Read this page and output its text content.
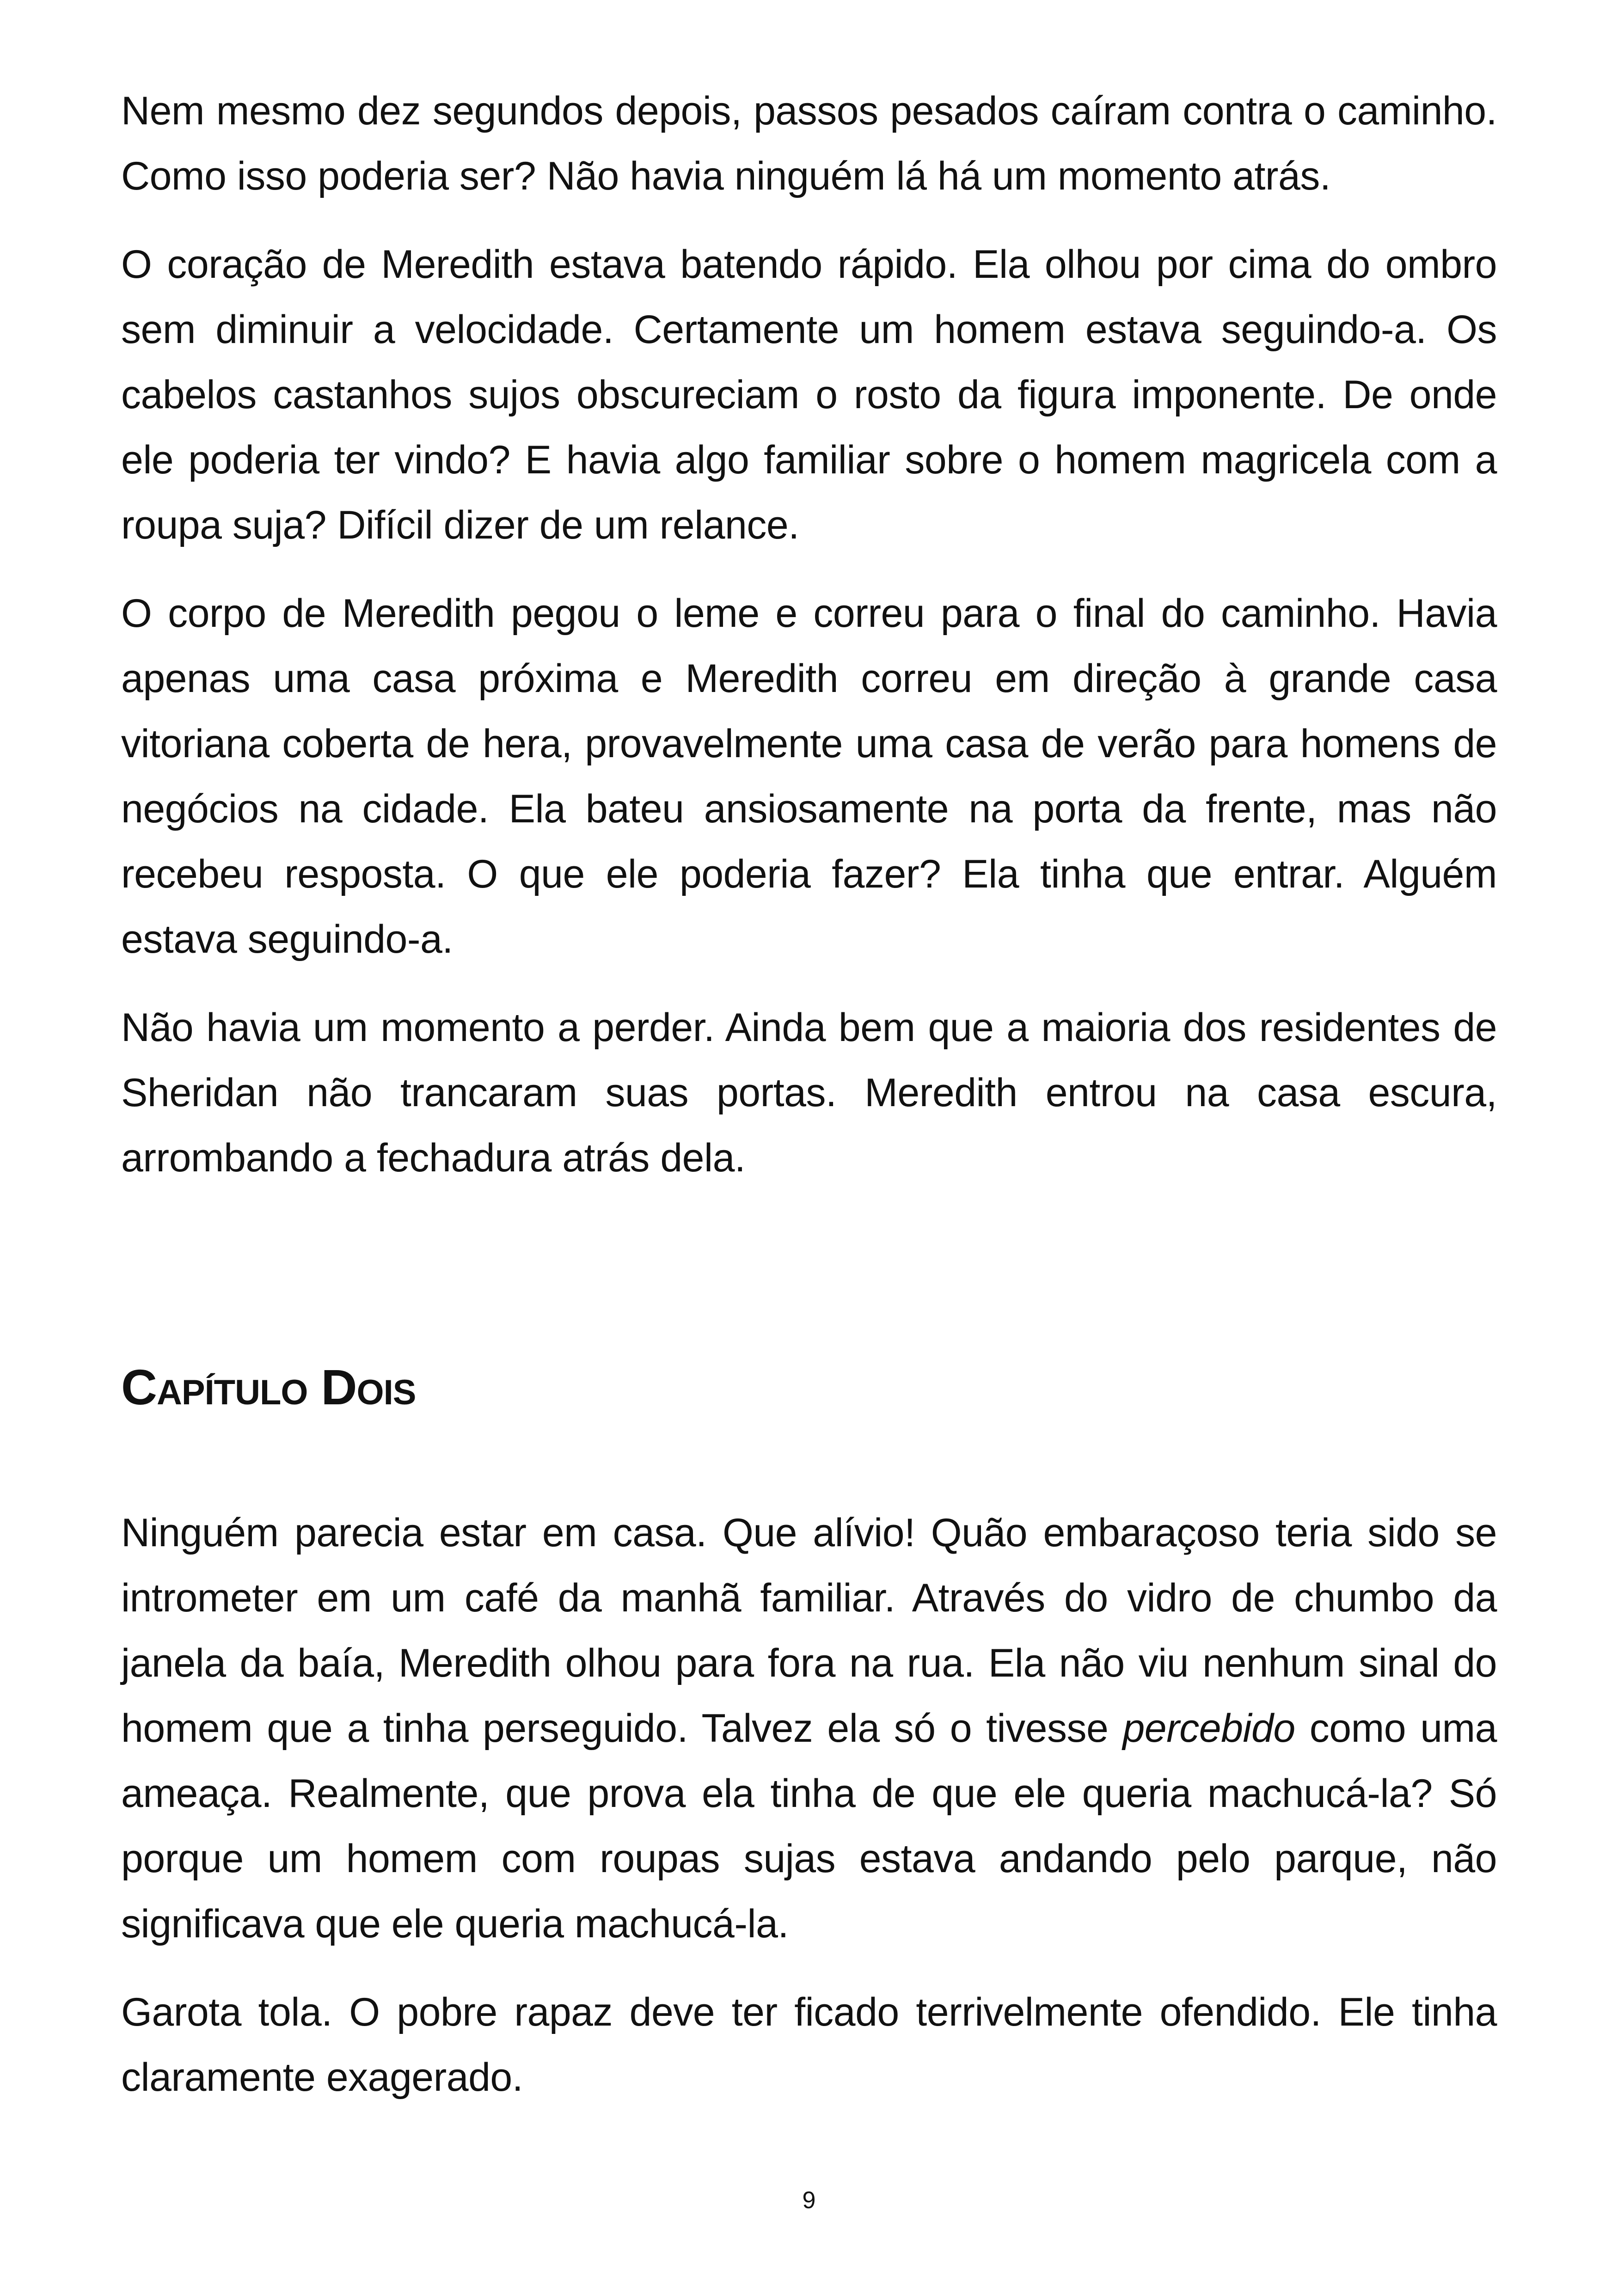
Nem mesmo dez segundos depois, passos pesados caíram contra o caminho. Como isso poderia ser? Não havia ninguém lá há um momento atrás.

O coração de Meredith estava batendo rápido. Ela olhou por cima do ombro sem diminuir a velocidade. Certamente um homem estava seguindo-a. Os cabelos castanhos sujos obscureciam o rosto da figura imponente. De onde ele poderia ter vindo? E havia algo familiar sobre o homem magricela com a roupa suja? Difícil dizer de um relance.

O corpo de Meredith pegou o leme e correu para o final do caminho. Havia apenas uma casa próxima e Meredith correu em direção à grande casa vitoriana coberta de hera, provavelmente uma casa de verão para homens de negócios na cidade. Ela bateu ansiosamente na porta da frente, mas não recebeu resposta. O que ele poderia fazer? Ela tinha que entrar. Alguém estava seguindo-a.

Não havia um momento a perder. Ainda bem que a maioria dos residentes de Sheridan não trancaram suas portas. Meredith entrou na casa escura, arrombando a fechadura atrás dela.

Capítulo Dois

Ninguém parecia estar em casa. Que alívio! Quão embaraçoso teria sido se intrometer em um café da manhã familiar. Através do vidro de chumbo da janela da baía, Meredith olhou para fora na rua. Ela não viu nenhum sinal do homem que a tinha perseguido. Talvez ela só o tivesse percebido como uma ameaça. Realmente, que prova ela tinha de que ele queria machucá-la? Só porque um homem com roupas sujas estava andando pelo parque, não significava que ele queria machucá-la.

Garota tola. O pobre rapaz deve ter ficado terrivelmente ofendido. Ele tinha claramente exagerado.

9
